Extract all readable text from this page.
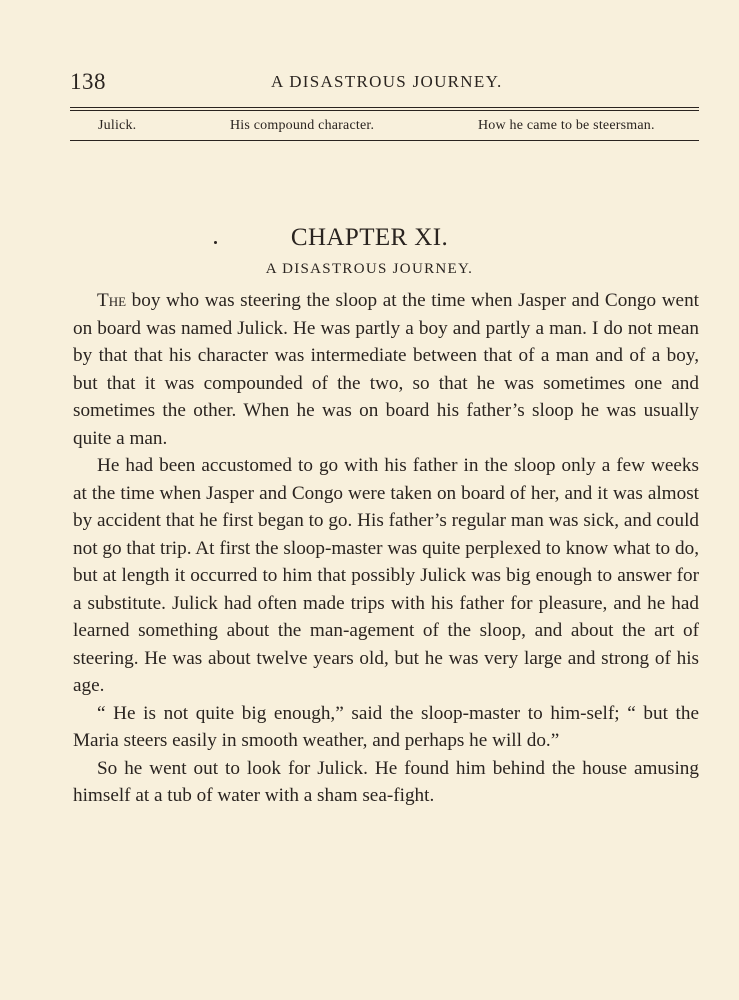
138	A DISASTROUS JOURNEY.
Julick.	His compound character.	How he came to be steersman.
CHAPTER XI.
A DISASTROUS JOURNEY.

The boy who was steering the sloop at the time when Jasper and Congo went on board was named Julick. He was partly a boy and partly a man. I do not mean by that that his character was intermediate between that of a man and of a boy, but that it was compounded of the two, so that he was sometimes one and sometimes the other. When he was on board his father’s sloop he was usually quite a man.

He had been accustomed to go with his father in the sloop only a few weeks at the time when Jasper and Congo were taken on board of her, and it was almost by accident that he first began to go. His father’s regular man was sick, and could not go that trip. At first the sloop-master was quite perplexed to know what to do, but at length it occurred to him that possibly Julick was big enough to answer for a substitute. Julick had often made trips with his father for pleasure, and he had learned something about the man-agement of the sloop, and about the art of steering. He was about twelve years old, but he was very large and strong of his age.

“ He is not quite big enough,” said the sloop-master to him-self; “ but the Maria steers easily in smooth weather, and perhaps he will do.”

So he went out to look for Julick. He found him behind the house amusing himself at a tub of water with a sham sea-fight.
